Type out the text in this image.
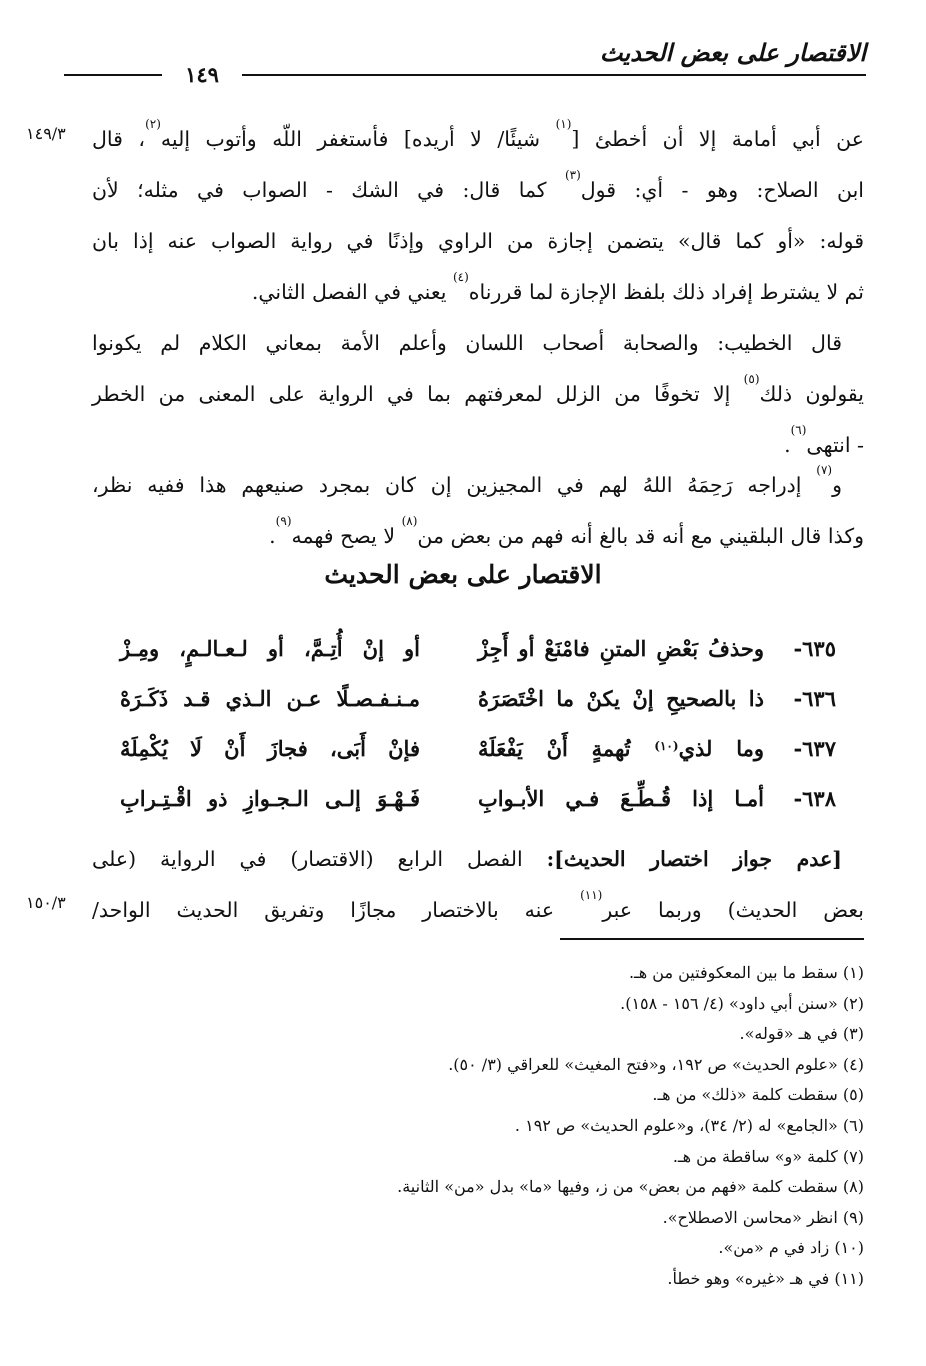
الاقتصار على بعض الحديث
١٤٩
١٤٩/٣
١٥٠/٣
عن أبي أمامة إلا أن أخطئ [$^{(١)}$ شيئًا/ لا أريده] فأستغفر اللّه وأتوب إليه$^{(٢)}$، قال
ابن الصلاح: وهو - أي: قول$^{(٣)}$ كما قال: في الشك - الصواب في مثله؛ لأن
قوله: «أو كما قال» يتضمن إجازة من الراوي وإذنًا في رواية الصواب عنه إذا بان
ثم لا يشترط إفراد ذلك بلفظ الإجازة لما قررناه$^{(٤)}$ يعني في الفصل الثاني.
قال الخطيب: والصحابة أصحاب اللسان وأعلم الأمة بمعاني الكلام لم يكونوا
يقولون ذلك$^{(٥)}$ إلا تخوفًا من الزلل لمعرفتهم بما في الرواية على المعنى من الخطر
- انتهى$^{(٦)}$.
و$^{(٧)}$ إدراجه رَحِمَهُ اللهُ لهم في المجيزين إن كان بمجرد صنيعهم هذا ففيه نظر،
وكذا قال البلقيني مع أنه قد بالغ أنه فهم من بعض من$^{(٨)}$ لا يصح فهمه$^{(٩)}$.
الاقتصار على بعض الحديث
٦٣٥-
وحذفُ بَعْضِ المتنِ فامْنَعْ أو أَجِزْ
أو إنْ أُتِـمَّ، أو لـعـالـمٍ، ومِـزْ
٦٣٦-
ذا بالصحيحِ إنْ يكنْ ما اخْتَصَرَهُ
مـنـفـصـلًا عـن الـذي قـد ذَكَـرَهْ
٦٣٧-
وما لذي$^{(١٠)}$ تُهمةٍ أَنْ يَفْعَلَهْ
فإنْ أَبَى، فجازَ أَنْ لَا يُكْمِلَهْ
٦٣٨-
أمـا إذا قُـطِّـعَ فـي الأبـوابِ
فَـهْـوَ إلـى الـجـوازِ ذو اقْـتِـرابِ
[عدم جواز اختصار الحديث]: الفصل الرابع (الاقتصار) في الرواية (على
بعض الحديث) وربما عبر$^{(١١)}$ عنه بالاختصار مجازًا وتفريق الحديث الواحد/
(١) سقط ما بين المعكوفتين من هـ.
(٢) «سنن أبي داود» (٤/ ١٥٦ - ١٥٨).
(٣) في هـ «قوله».
(٤) «علوم الحديث» ص ١٩٢، و«فتح المغيث» للعراقي (٣/ ٥٠).
(٥) سقطت كلمة «ذلك» من هـ.
(٦) «الجامع» له (٢/ ٣٤)، و«علوم الحديث» ص ١٩٢ .
(٧) كلمة «و» ساقطة من هـ.
(٨) سقطت كلمة «فهم من بعض» من ز، وفيها «ما» بدل «من» الثانية.
(٩) انظر «محاسن الاصطلاح».
(١٠) زاد في م «من».
(١١) في هـ «غيره» وهو خطأ.
